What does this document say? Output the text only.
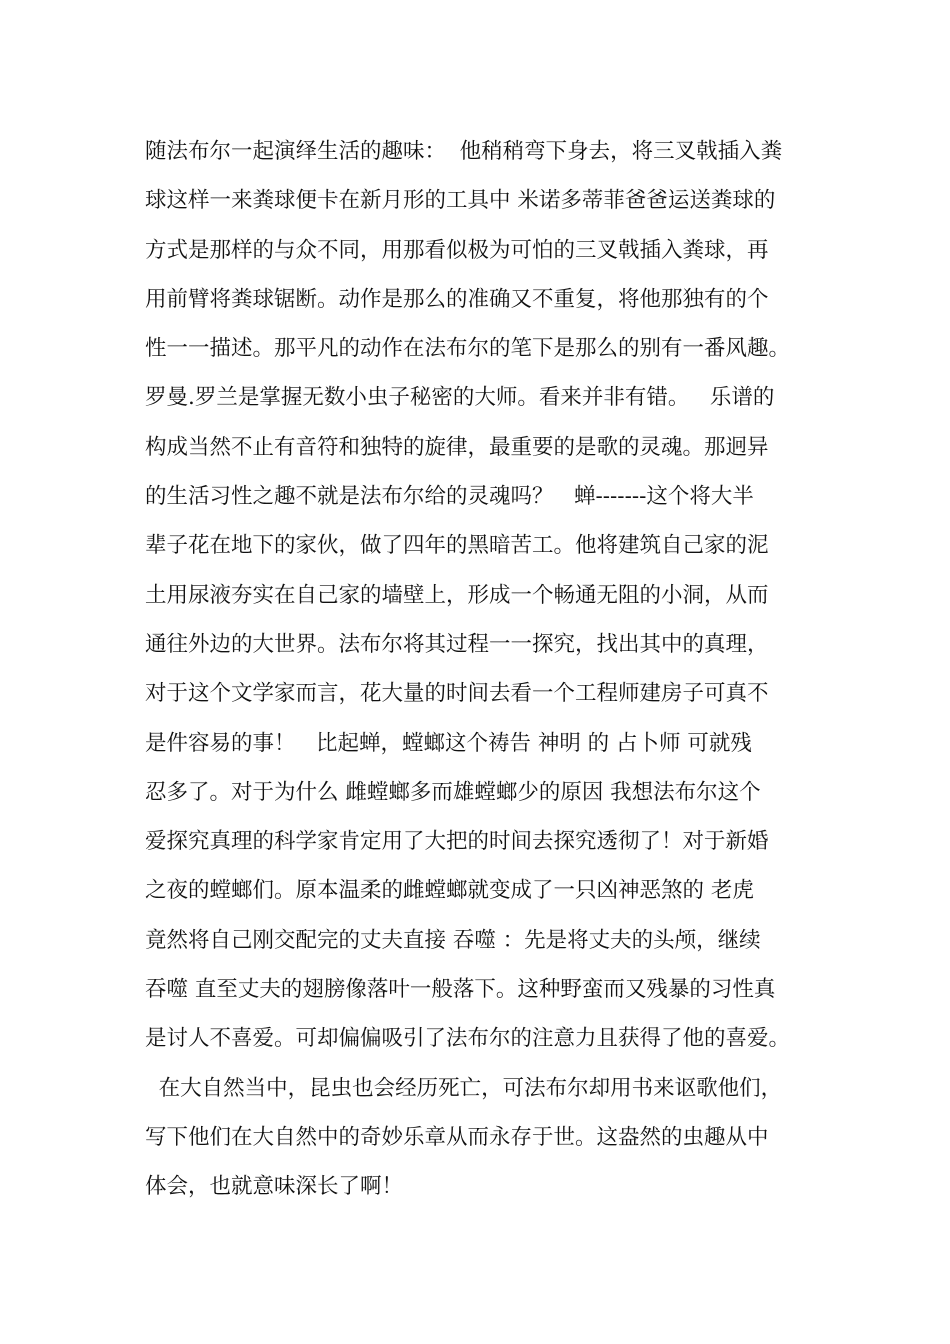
随法布尔一起演绎生活的趣味：  他稍稍弯下身去，将三叉戟插入粪
球这样一来粪球便卡在新月形的工具中 米诺多蒂菲爸爸运送粪球的
方式是那样的与众不同，用那看似极为可怕的三叉戟插入粪球，再
用前臂将粪球锯断。动作是那么的准确又不重复，将他那独有的个
性一一描述。那平凡的动作在法布尔的笔下是那么的别有一番风趣。
罗曼.罗兰是掌握无数小虫子秘密的大师。看来并非有错。   乐谱的
构成当然不止有音符和独特的旋律，最重要的是歌的灵魂。那迥异
的生活习性之趣不就是法布尔给的灵魂吗？   蝉-------这个将大半
辈子花在地下的家伙，做了四年的黑暗苦工。他将建筑自己家的泥
土用尿液夯实在自己家的墙壁上，形成一个畅通无阻的小洞，从而
通往外边的大世界。法布尔将其过程一一探究，找出其中的真理，
对于这个文学家而言，花大量的时间去看一个工程师建房子可真不
是件容易的事！   比起蝉，螳螂这个祷告 神明 的 占卜师 可就残
忍多了。对于为什么 雌螳螂多而雄螳螂少的原因 我想法布尔这个
爱探究真理的科学家肯定用了大把的时间去探究透彻了！对于新婚
之夜的螳螂们。原本温柔的雌螳螂就变成了一只凶神恶煞的 老虎
竟然将自己刚交配完的丈夫直接 吞噬 ：先是将丈夫的头颅，继续
吞噬 直至丈夫的翅膀像落叶一般落下。这种野蛮而又残暴的习性真
是讨人不喜爱。可却偏偏吸引了法布尔的注意力且获得了他的喜爱。
在大自然当中，昆虫也会经历死亡，可法布尔却用书来讴歌他们，
写下他们在大自然中的奇妙乐章从而永存于世。这盎然的虫趣从中
体会，也就意味深长了啊！
